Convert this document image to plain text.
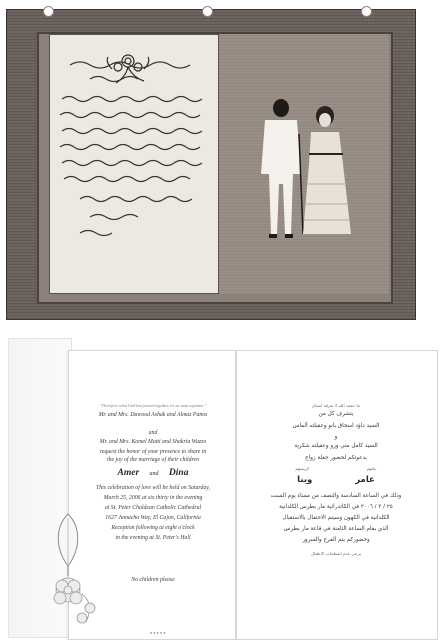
"Therefore what God has joined together, let no man separate."
Mr. and Mrs. Dawood Ashak and Almaz Panos
and
Mr. and Mrs. Kamel Matti and Shakria Wazzo
request the honor of your presence to share in
the joy of the marriage of their children
Amer and Dina
This celebration of love will be held on Saturday,
March 25, 2006 at six thirty in the evening
at St. Peter Chaldean Catholic Cathedral
1627 Jamacha Way, El Cajon, California
Reception following at eight o'clock
in the evening at St. Peter's Hall
No children please
ما جمعه الله لا يفرقه انسان
يتشرف كل من
السيد داؤد اسحاق بانو وعقيلته ألماس
و
السيد كامل متي وزو وعقيلته شكرية
بدعوتكم لحضور حفلة زواج
نجلهم كريمتهم
عامر وينا
وذلك في الساعة السادسة والنصف من مساء يوم السبت
٢٥ / ٣ / ٢٠٠٦ في الكاتدرائية مار بطرس الكلدانية
الكلدانية في الكهون وسيتم الاحتفال بالاستقبال
الذي يقام الساعة الثامنة في قاعة مار بطرس
وحضوركم يتم الفرح والسرور
يرجى عدم اصطحاب الاطفال
* * * * *
